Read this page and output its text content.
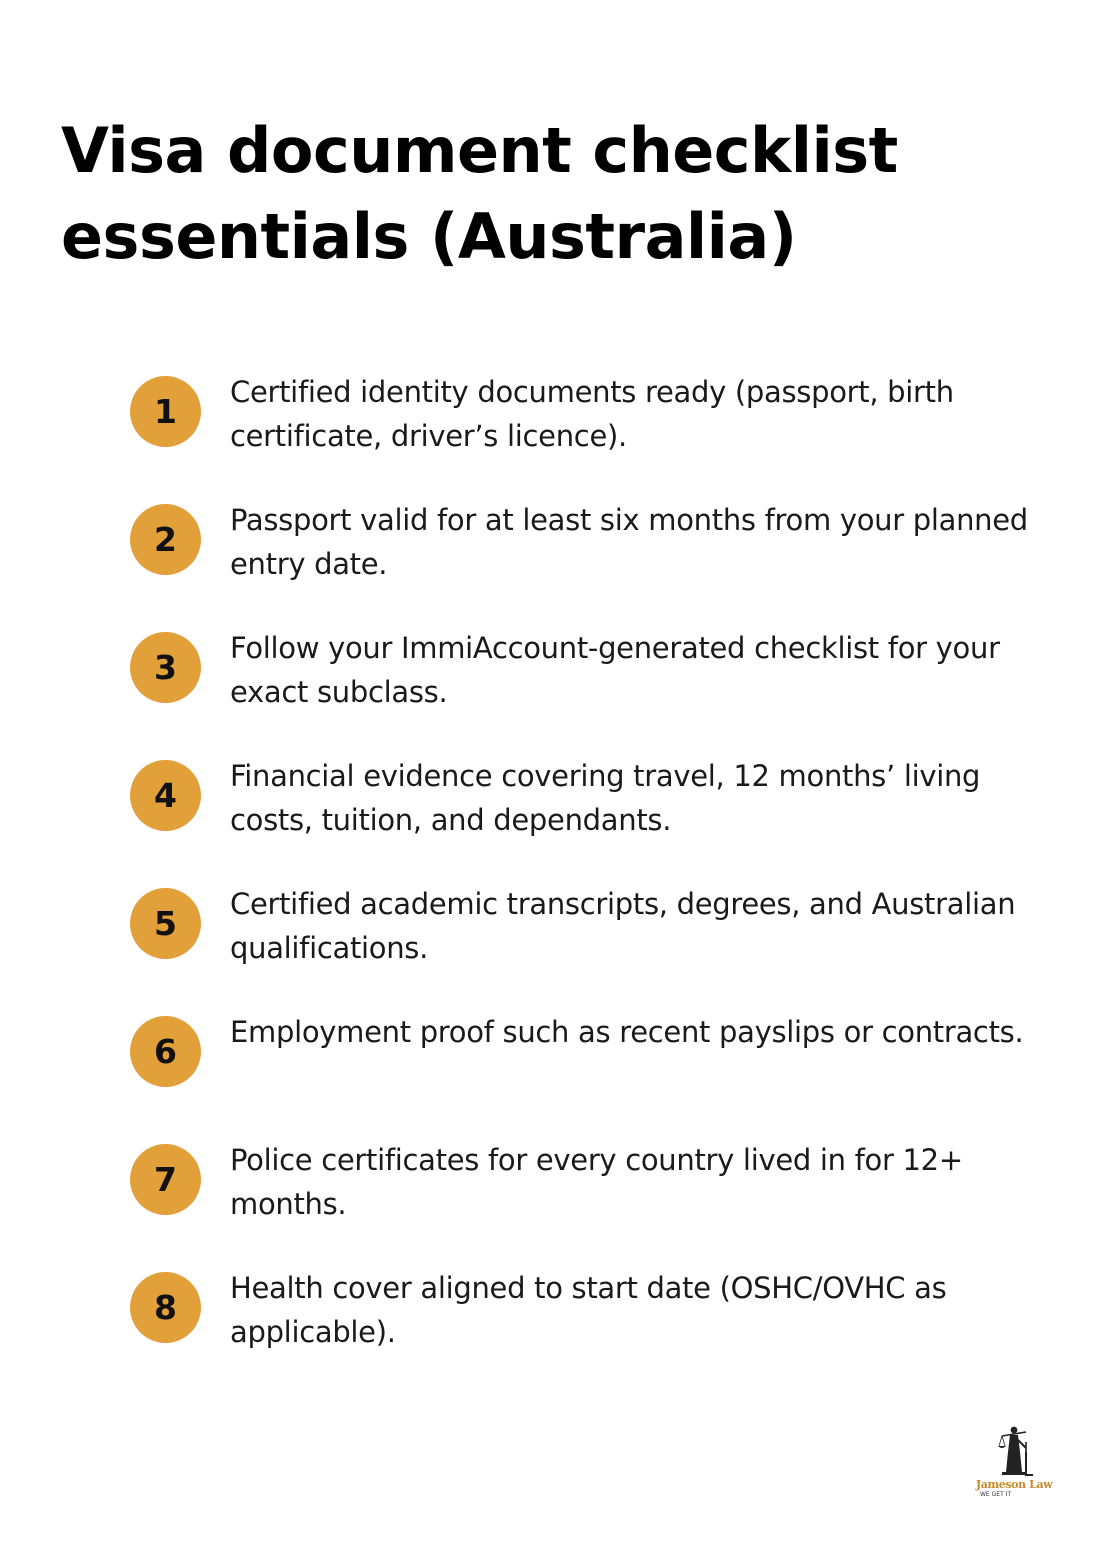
Visa document checklist
essentials (Australia)
1	Certified identity documents ready (passport, birth certificate, driver’s licence).

2	Passport valid for at least six months from your planned entry date.

3	Follow your ImmiAccount-generated checklist for your exact subclass.

4	Financial evidence covering travel, 12 months’ living costs, tuition, and dependants.

5	Certified academic transcripts, degrees, and Australian qualifications.

6	Employment proof such as recent payslips or contracts.

7	Police certificates for every country lived in for 12+ months.

8	Health cover aligned to start date (OSHC/OVHC as applicable).

Jameson Law
WE GET IT
